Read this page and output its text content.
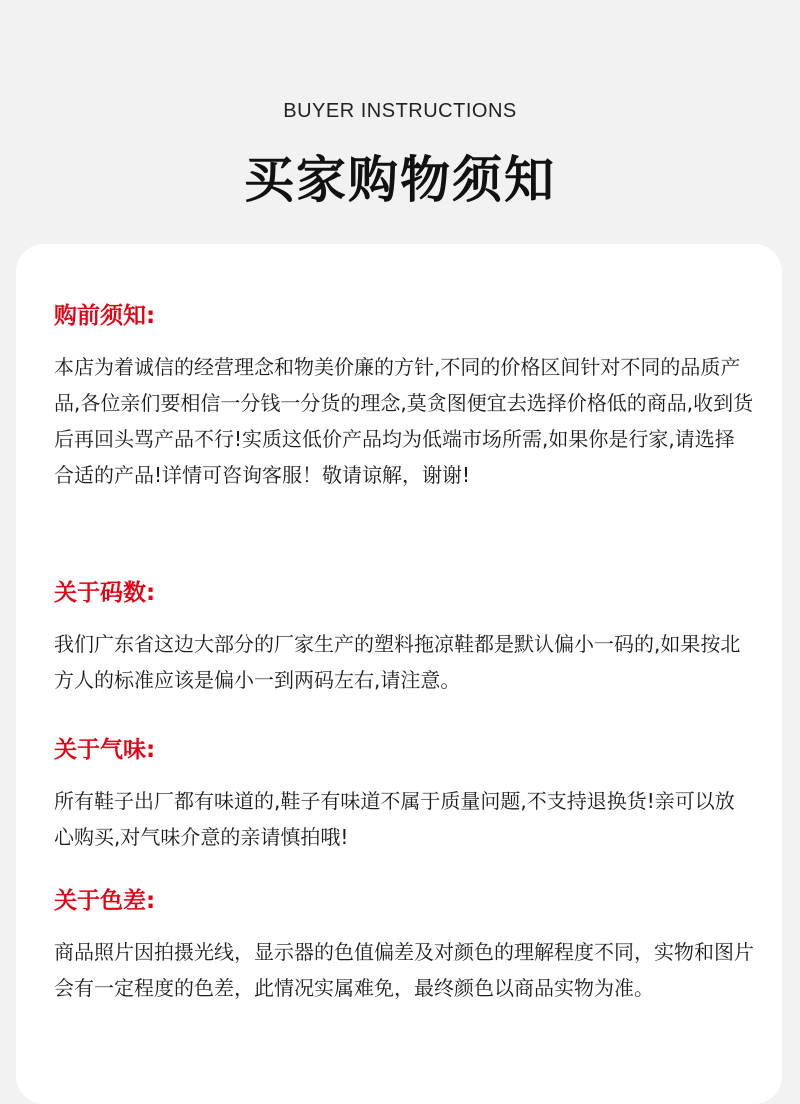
BUYER INSTRUCTIONS
买家购物须知
购前须知:

本店为着诚信的经营理念和物美价廉的方针,不同的价格区间针对不同的品质产品,各位亲们要相信一分钱一分货的理念,莫贪图便宜去选择价格低的商品,收到货后再回头骂产品不行!实质这低价产品均为低端市场所需,如果你是行家,请选择合适的产品!详情可咨询客服！敬请谅解，谢谢!

关于码数:

我们广东省这边大部分的厂家生产的塑料拖凉鞋都是默认偏小一码的,如果按北方人的标准应该是偏小一到两码左右,请注意。

关于气味:

所有鞋子出厂都有味道的,鞋子有味道不属于质量问题,不支持退换货!亲可以放心购买,对气味介意的亲请慎拍哦!

关于色差:

商品照片因拍摄光线，显示器的色值偏差及对颜色的理解程度不同，实物和图片会有一定程度的色差，此情况实属难免，最终颜色以商品实物为准。
